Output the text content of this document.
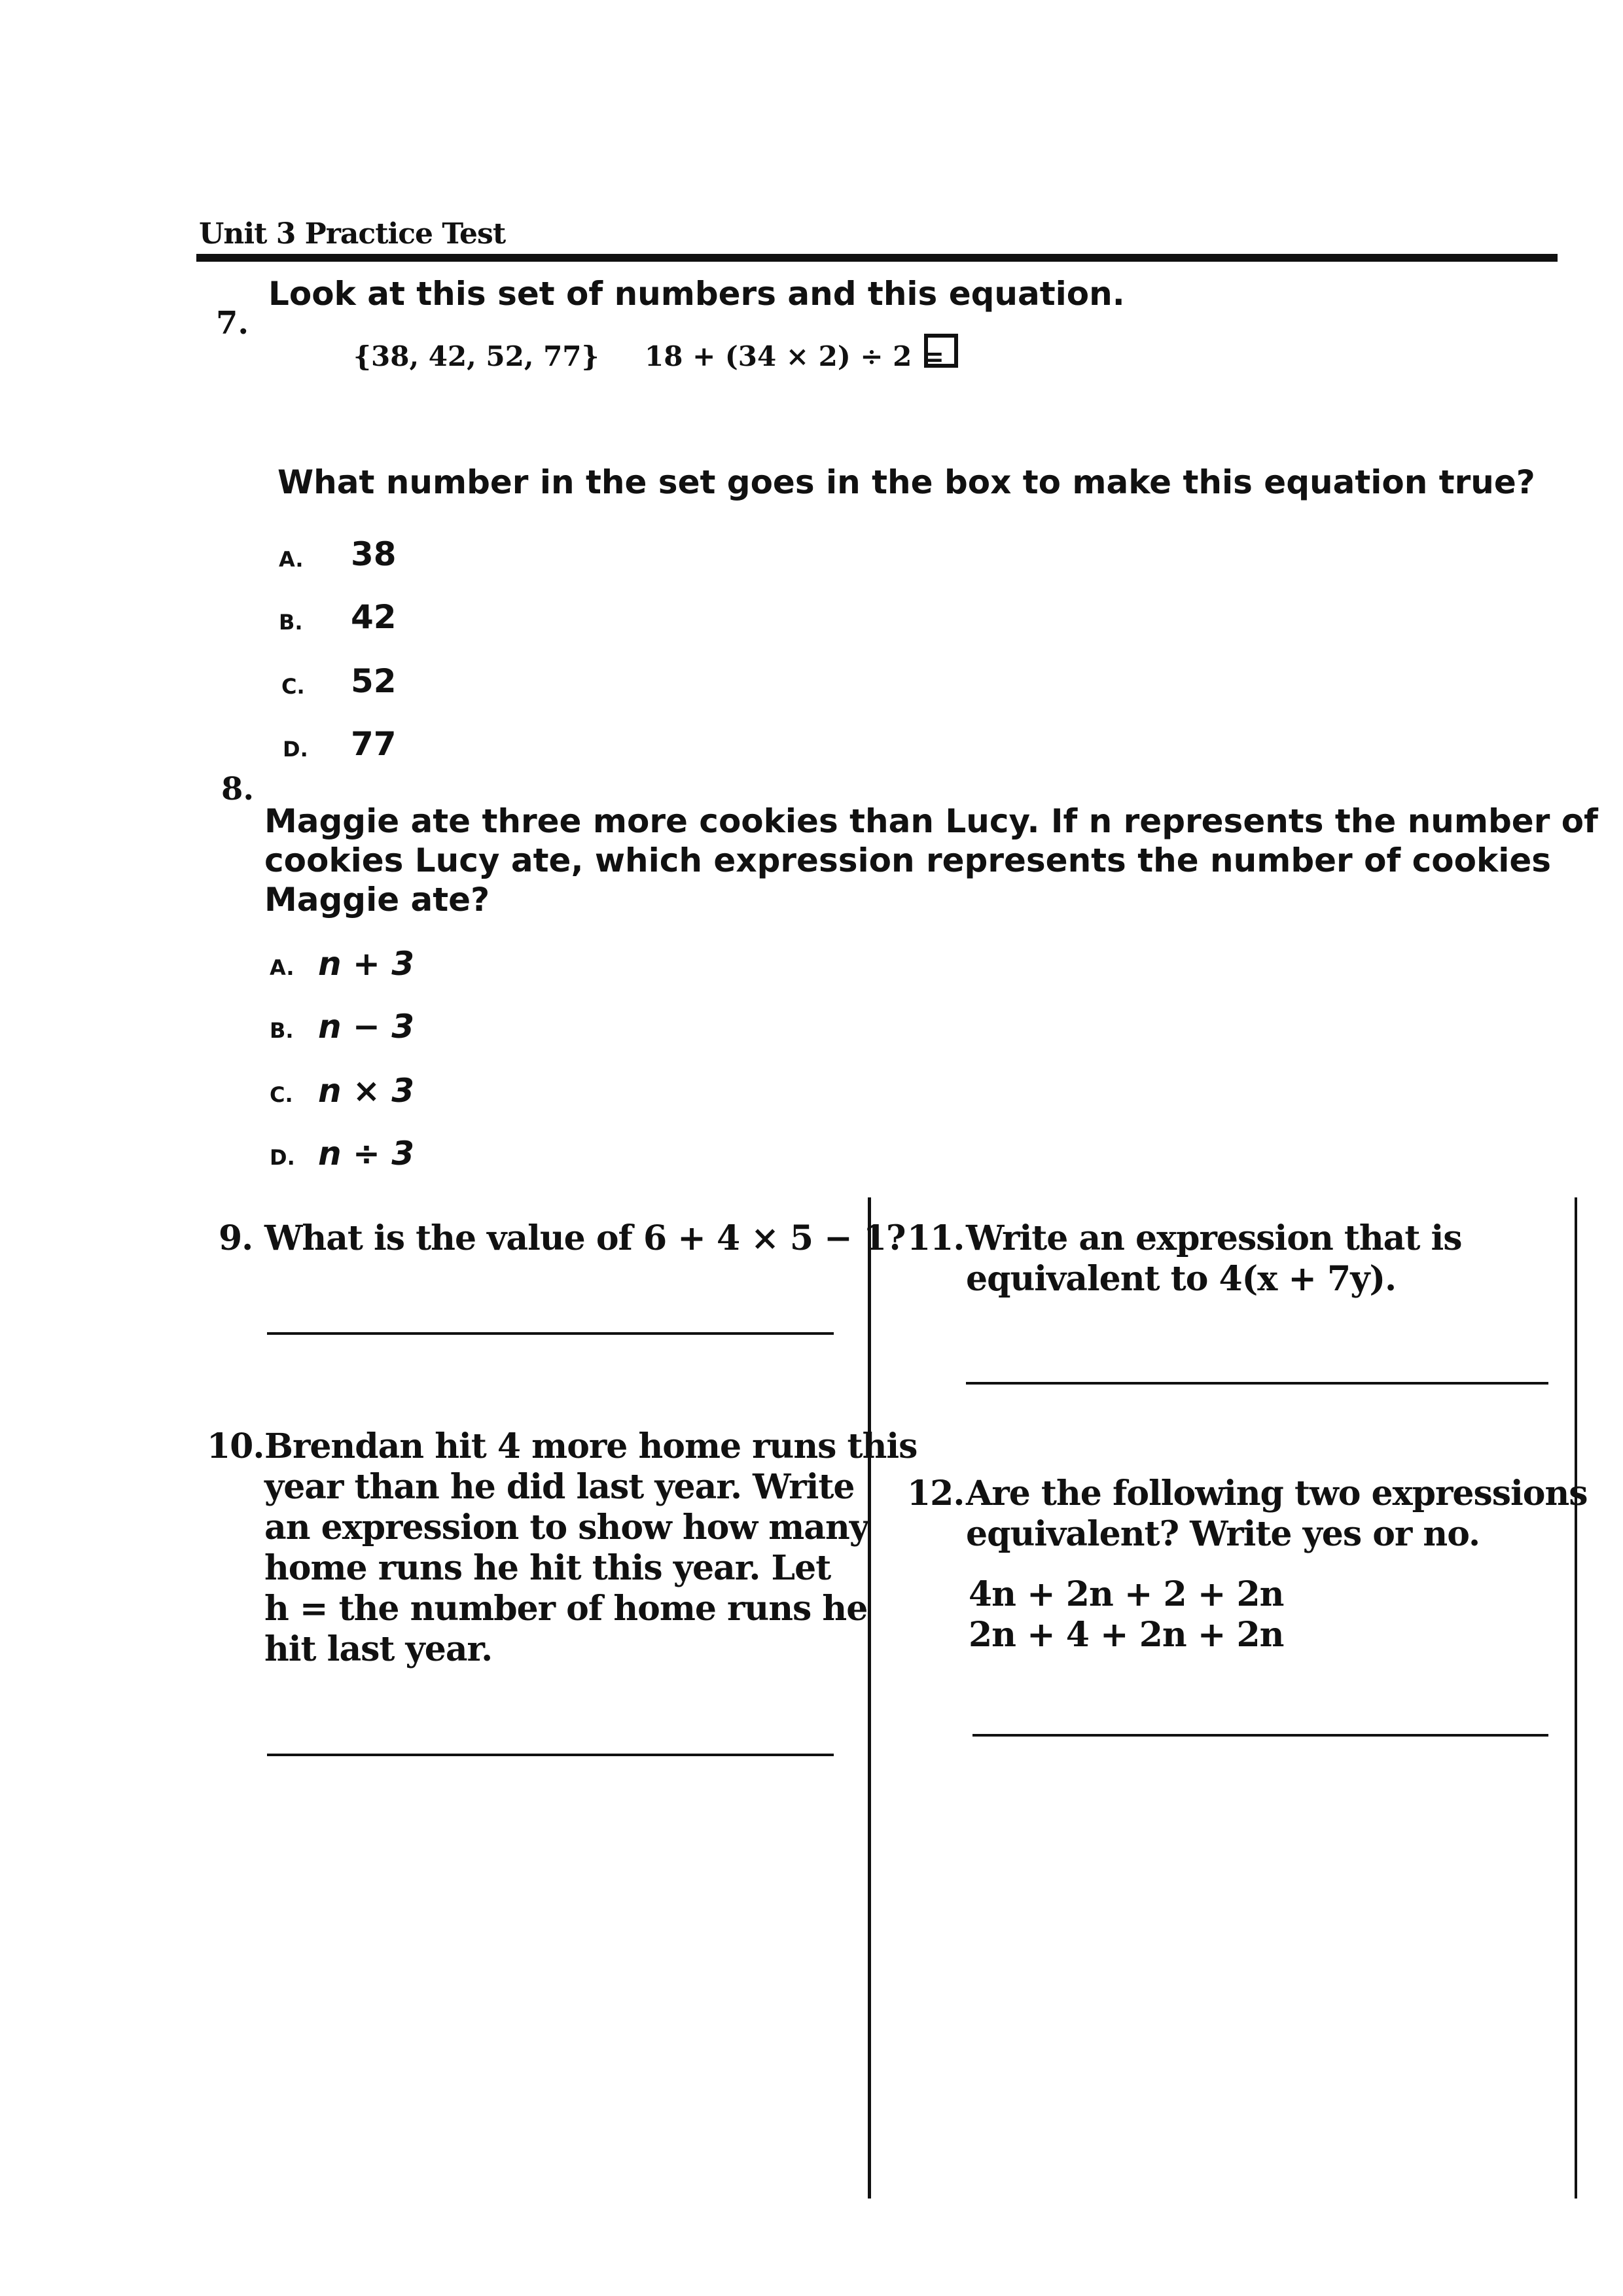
Unit 3 Practice Test
7.
Look at this set of numbers and this equation.
{38, 42, 52, 77} 18 + (34 × 2) ÷ 2 =
What number in the set goes in the box to make this equation true?
A. 38
B. 42
C. 52
D. 77
8.
Maggie ate three more cookies than Lucy. If n represents the number of
cookies Lucy ate, which expression represents the number of cookies
Maggie ate?
A. n + 3
B. n − 3
C. n × 3
D. n ÷ 3
9. What is the value of 6 + 4 × 5 − 1?
10. Brendan hit 4 more home runs this
year than he did last year. Write
an expression to show how many
home runs he hit this year. Let
h = the number of home runs he
hit last year.
11. Write an expression that is
equivalent to 4(x + 7y).
12. Are the following two expressions
equivalent? Write yes or no.
4n + 2n + 2 + 2n
2n + 4 + 2n + 2n
